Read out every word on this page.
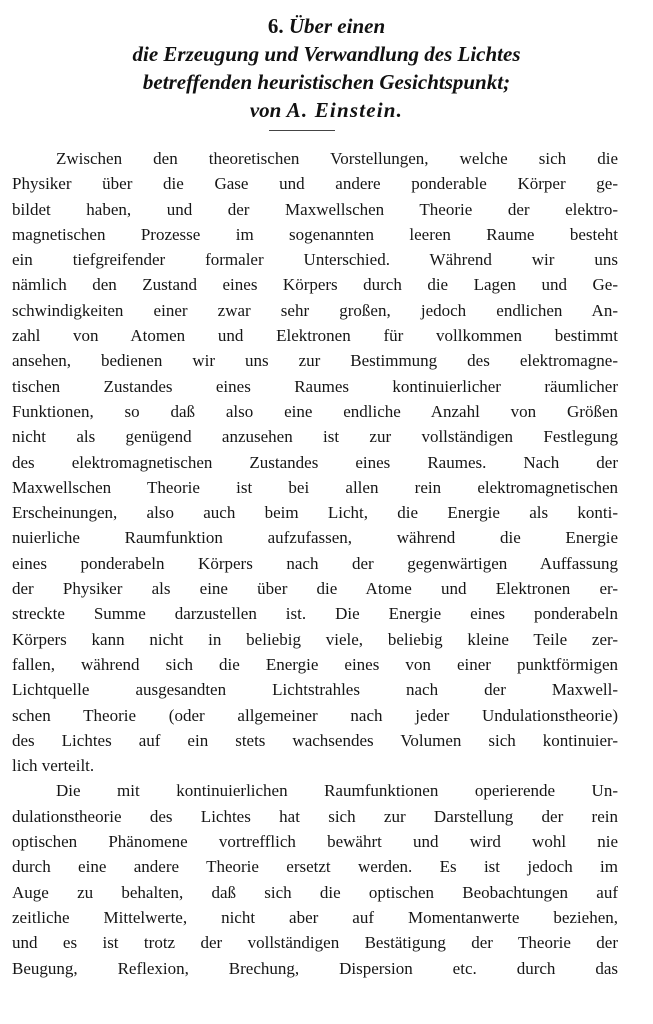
6. Über einen
die Erzeugung und Verwandlung des Lichtes
betreffenden heuristischen Gesichtspunkt;
von A. Einstein.
Zwischen den theoretischen Vorstellungen, welche sich die
Physiker über die Gase und andere ponderable Körper ge-
bildet haben, und der Maxwellschen Theorie der elektro-
magnetischen Prozesse im sogenannten leeren Raume besteht
ein tiefgreifender formaler Unterschied. Während wir uns
nämlich den Zustand eines Körpers durch die Lagen und Ge-
schwindigkeiten einer zwar sehr großen, jedoch endlichen An-
zahl von Atomen und Elektronen für vollkommen bestimmt
ansehen, bedienen wir uns zur Bestimmung des elektromagne-
tischen Zustandes eines Raumes kontinuierlicher räumlicher
Funktionen, so daß also eine endliche Anzahl von Größen
nicht als genügend anzusehen ist zur vollständigen Festlegung
des elektromagnetischen Zustandes eines Raumes. Nach der
Maxwellschen Theorie ist bei allen rein elektromagnetischen
Erscheinungen, also auch beim Licht, die Energie als konti-
nuierliche Raumfunktion aufzufassen, während die Energie
eines ponderabeln Körpers nach der gegenwärtigen Auffassung
der Physiker als eine über die Atome und Elektronen er-
streckte Summe darzustellen ist. Die Energie eines ponderabeln
Körpers kann nicht in beliebig viele, beliebig kleine Teile zer-
fallen, während sich die Energie eines von einer punktförmigen
Lichtquelle ausgesandten Lichtstrahles nach der Maxwell-
schen Theorie (oder allgemeiner nach jeder Undulationstheorie)
des Lichtes auf ein stets wachsendes Volumen sich kontinuier-
lich verteilt.
Die mit kontinuierlichen Raumfunktionen operierende Un-
dulationstheorie des Lichtes hat sich zur Darstellung der rein
optischen Phänomene vortrefflich bewährt und wird wohl nie
durch eine andere Theorie ersetzt werden. Es ist jedoch im
Auge zu behalten, daß sich die optischen Beobachtungen auf
zeitliche Mittelwerte, nicht aber auf Momentanwerte beziehen,
und es ist trotz der vollständigen Bestätigung der Theorie der
Beugung, Reflexion, Brechung, Dispersion etc. durch das
